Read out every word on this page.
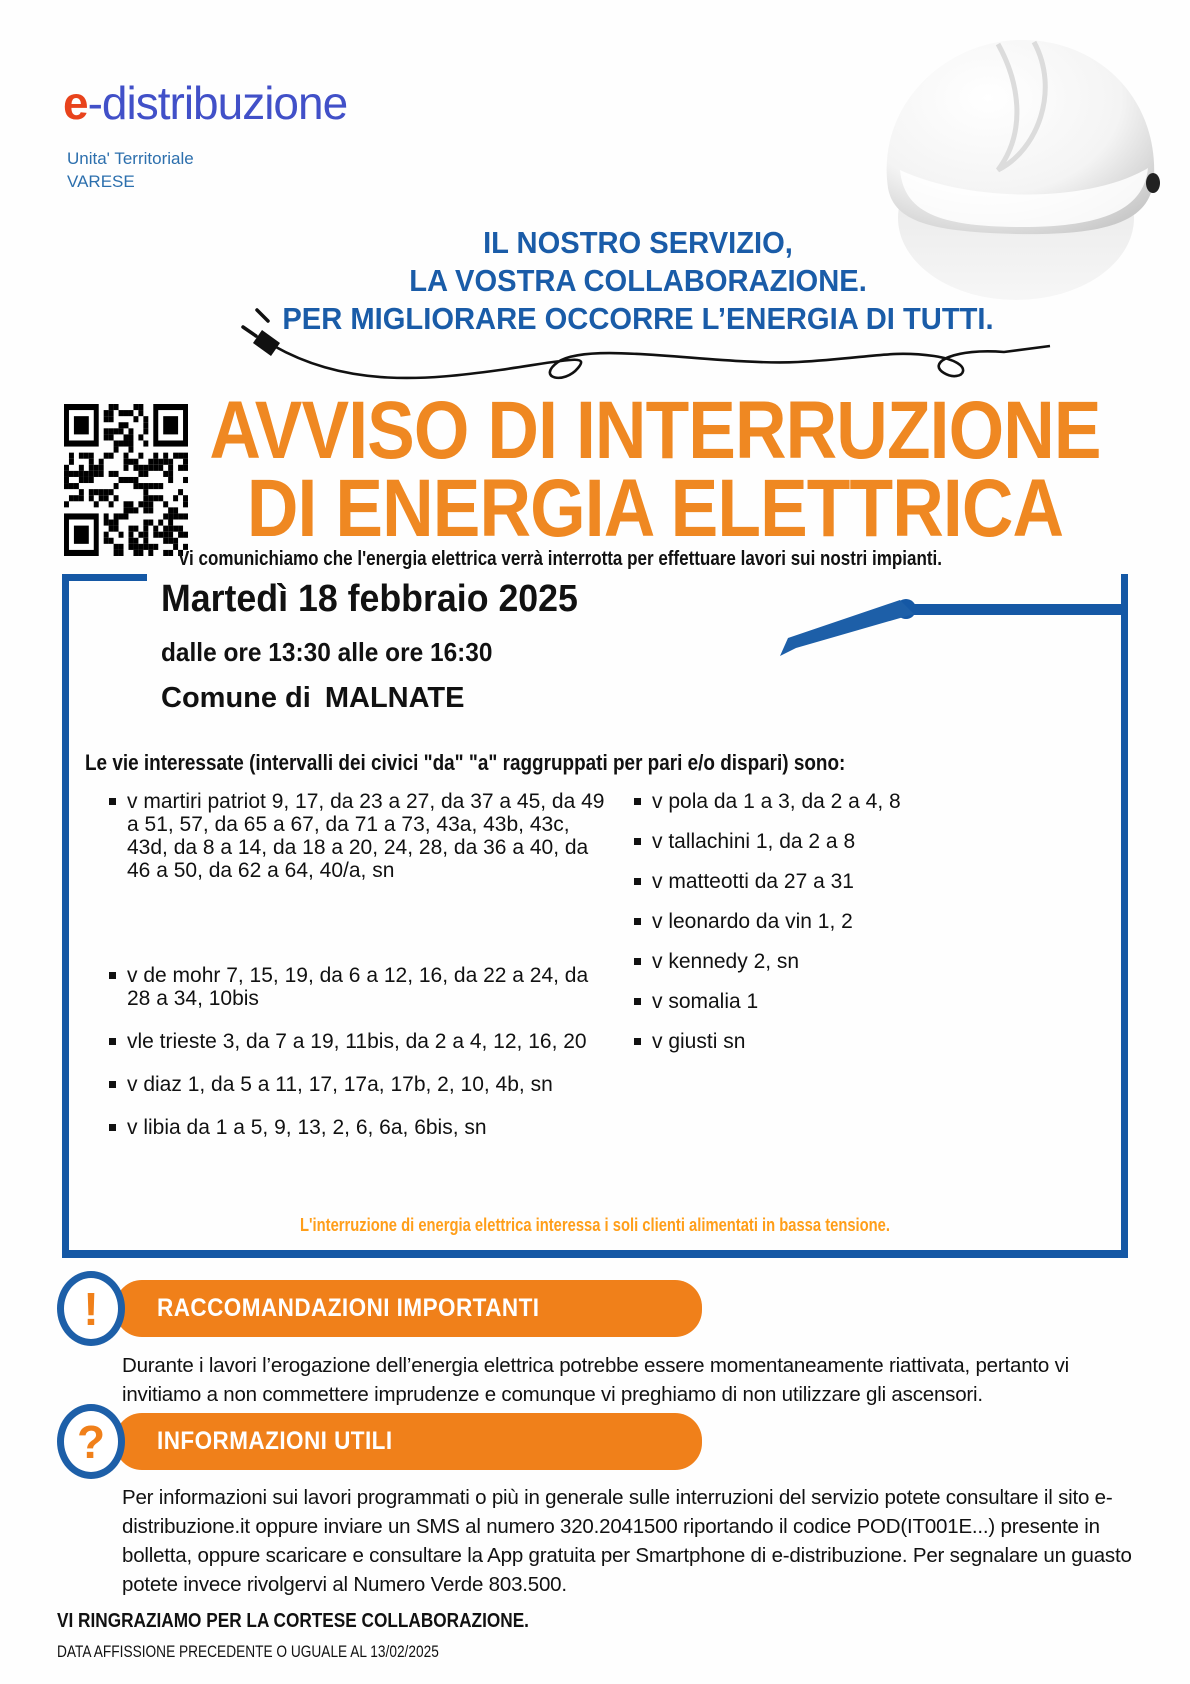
e-distribuzione
Unita' Territoriale
VARESE
IL NOSTRO SERVIZIO,
LA VOSTRA COLLABORAZIONE.
PER MIGLIORARE OCCORRE L’ENERGIA DI TUTTI.
AVVISO DI INTERRUZIONE
DI ENERGIA ELETTRICA
Vi comunichiamo che l'energia elettrica verrà interrotta per effettuare lavori sui nostri impianti.
Martedì 18 febbraio 2025
dalle ore 13:30 alle ore 16:30
Comune di MALNATE
Le vie interessate (intervalli dei civici "da" "a" raggruppati per pari e/o dispari) sono:
v martiri patriot 9, 17, da 23 a 27, da 37 a 45, da 49 a 51, 57, da 65 a 67, da 71 a 73, 43a, 43b, 43c, 43d, da 8 a 14, da 18 a 20, 24, 28, da 36 a 40, da 46 a 50, da 62 a 64, 40/a, sn
v de mohr 7, 15, 19, da 6 a 12, 16, da 22 a 24, da 28 a 34, 10bis
vle trieste 3, da 7 a 19, 11bis, da 2 a 4, 12, 16, 20
v diaz 1, da 5 a 11, 17, 17a, 17b, 2, 10, 4b, sn
v libia da 1 a 5, 9, 13, 2, 6, 6a, 6bis, sn
v pola da 1 a 3, da 2 a 4, 8
v tallachini 1, da 2 a 8
v matteotti da 27 a 31
v leonardo da vin 1, 2
v kennedy 2, sn
v somalia 1
v giusti sn
L'interruzione di energia elettrica interessa i soli clienti alimentati in bassa tensione.
!	RACCOMANDAZIONI IMPORTANTI
Durante i lavori l’erogazione dell’energia elettrica potrebbe essere momentaneamente riattivata, pertanto vi invitiamo a non commettere imprudenze e comunque vi preghiamo di non utilizzare gli ascensori.
?	INFORMAZIONI UTILI
Per informazioni sui lavori programmati o più in generale sulle interruzioni del servizio potete consultare il sito e-distribuzione.it oppure inviare un SMS al numero 320.2041500 riportando il codice POD(IT001E...) presente in bolletta, oppure scaricare e consultare la App gratuita per Smartphone di e-distribuzione. Per segnalare un guasto potete invece rivolgervi al Numero Verde 803.500.
VI RINGRAZIAMO PER LA CORTESE COLLABORAZIONE.
DATA AFFISSIONE PRECEDENTE O UGUALE AL 13/02/2025
